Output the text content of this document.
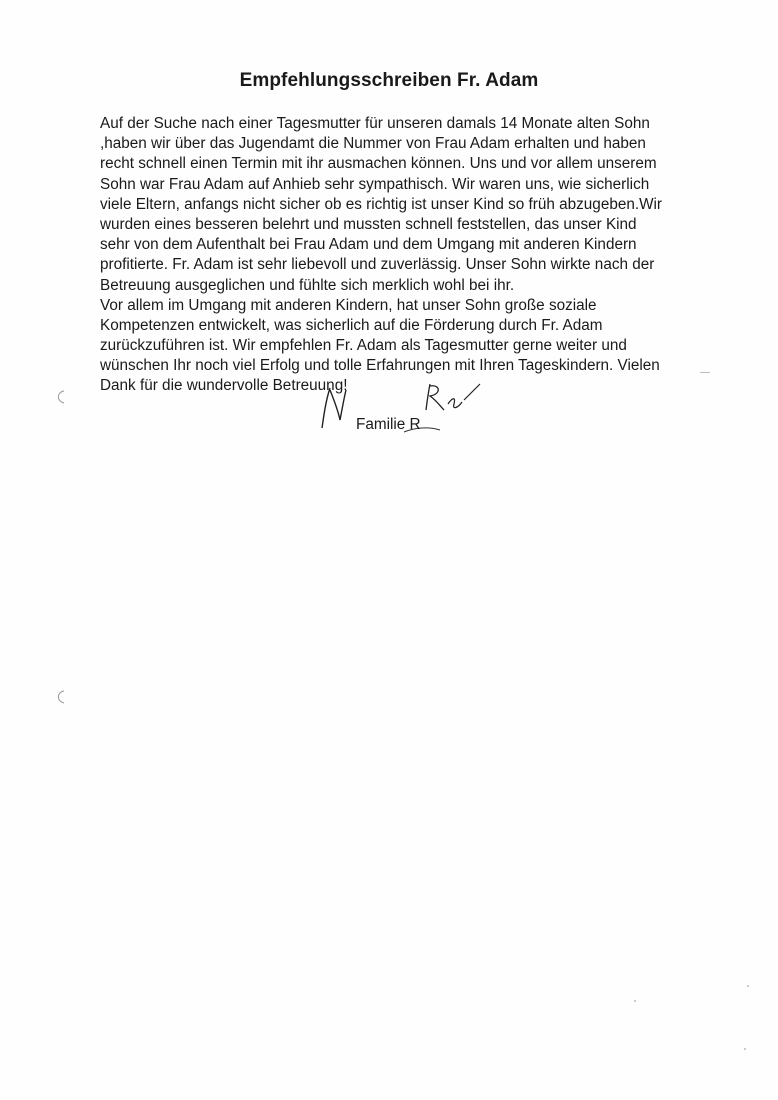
Empfehlungsschreiben Fr. Adam
Auf der Suche nach einer Tagesmutter für unseren damals 14 Monate alten Sohn
,haben wir über das Jugendamt die Nummer von Frau Adam erhalten und haben
recht schnell einen Termin mit ihr ausmachen können. Uns und vor allem unserem
Sohn war Frau Adam auf Anhieb sehr sympathisch. Wir waren uns, wie sicherlich
viele Eltern, anfangs nicht sicher ob es richtig ist unser Kind so früh abzugeben.Wir
wurden eines besseren belehrt und mussten schnell feststellen, das unser Kind
sehr von dem Aufenthalt bei Frau Adam und dem Umgang mit anderen Kindern
profitierte. Fr. Adam ist sehr liebevoll und zuverlässig. Unser Sohn wirkte nach der
Betreuung ausgeglichen und fühlte sich merklich wohl bei ihr.
Vor allem im Umgang mit anderen Kindern, hat unser Sohn große soziale
Kompetenzen entwickelt, was sicherlich auf die Förderung durch Fr. Adam
zurückzuführen ist. Wir empfehlen Fr. Adam als Tagesmutter gerne weiter und
wünschen Ihr noch viel Erfolg und tolle Erfahrungen mit Ihren Tageskindern. Vielen
Dank für die wundervolle Betreuung!
Familie R
